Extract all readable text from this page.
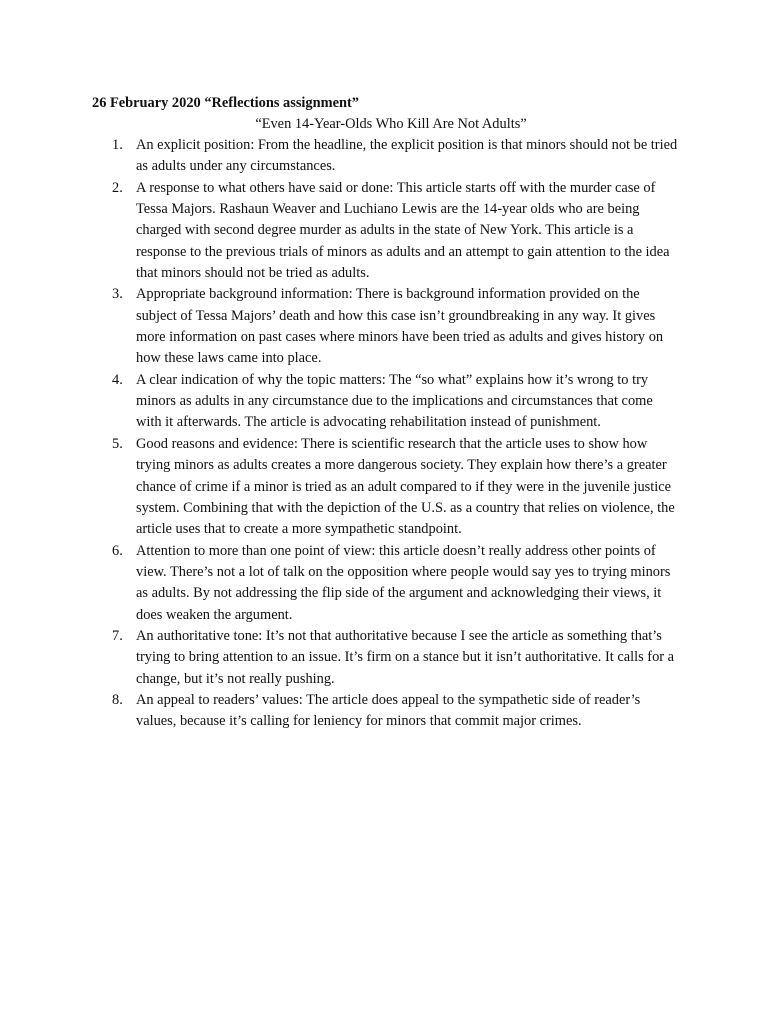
26 February 2020 “Reflections assignment”
“Even 14-Year-Olds Who Kill Are Not Adults”
1. An explicit position: From the headline, the explicit position is that minors should not be tried as adults under any circumstances.
2. A response to what others have said or done: This article starts off with the murder case of Tessa Majors. Rashaun Weaver and Luchiano Lewis are the 14-year olds who are being charged with second degree murder as adults in the state of New York. This article is a response to the previous trials of minors as adults and an attempt to gain attention to the idea that minors should not be tried as adults.
3. Appropriate background information: There is background information provided on the subject of Tessa Majors’ death and how this case isn’t groundbreaking in any way. It gives more information on past cases where minors have been tried as adults and gives history on how these laws came into place.
4. A clear indication of why the topic matters: The “so what” explains how it’s wrong to try minors as adults in any circumstance due to the implications and circumstances that come with it afterwards. The article is advocating rehabilitation instead of punishment.
5. Good reasons and evidence: There is scientific research that the article uses to show how trying minors as adults creates a more dangerous society. They explain how there’s a greater chance of crime if a minor is tried as an adult compared to if they were in the juvenile justice system. Combining that with the depiction of the U.S. as a country that relies on violence, the article uses that to create a more sympathetic standpoint.
6. Attention to more than one point of view: this article doesn’t really address other points of view. There’s not a lot of talk on the opposition where people would say yes to trying minors as adults. By not addressing the flip side of the argument and acknowledging their views, it does weaken the argument.
7. An authoritative tone: It’s not that authoritative because I see the article as something that’s trying to bring attention to an issue. It’s firm on a stance but it isn’t authoritative. It calls for a change, but it’s not really pushing.
8. An appeal to readers’ values: The article does appeal to the sympathetic side of reader’s values, because it’s calling for leniency for minors that commit major crimes.
